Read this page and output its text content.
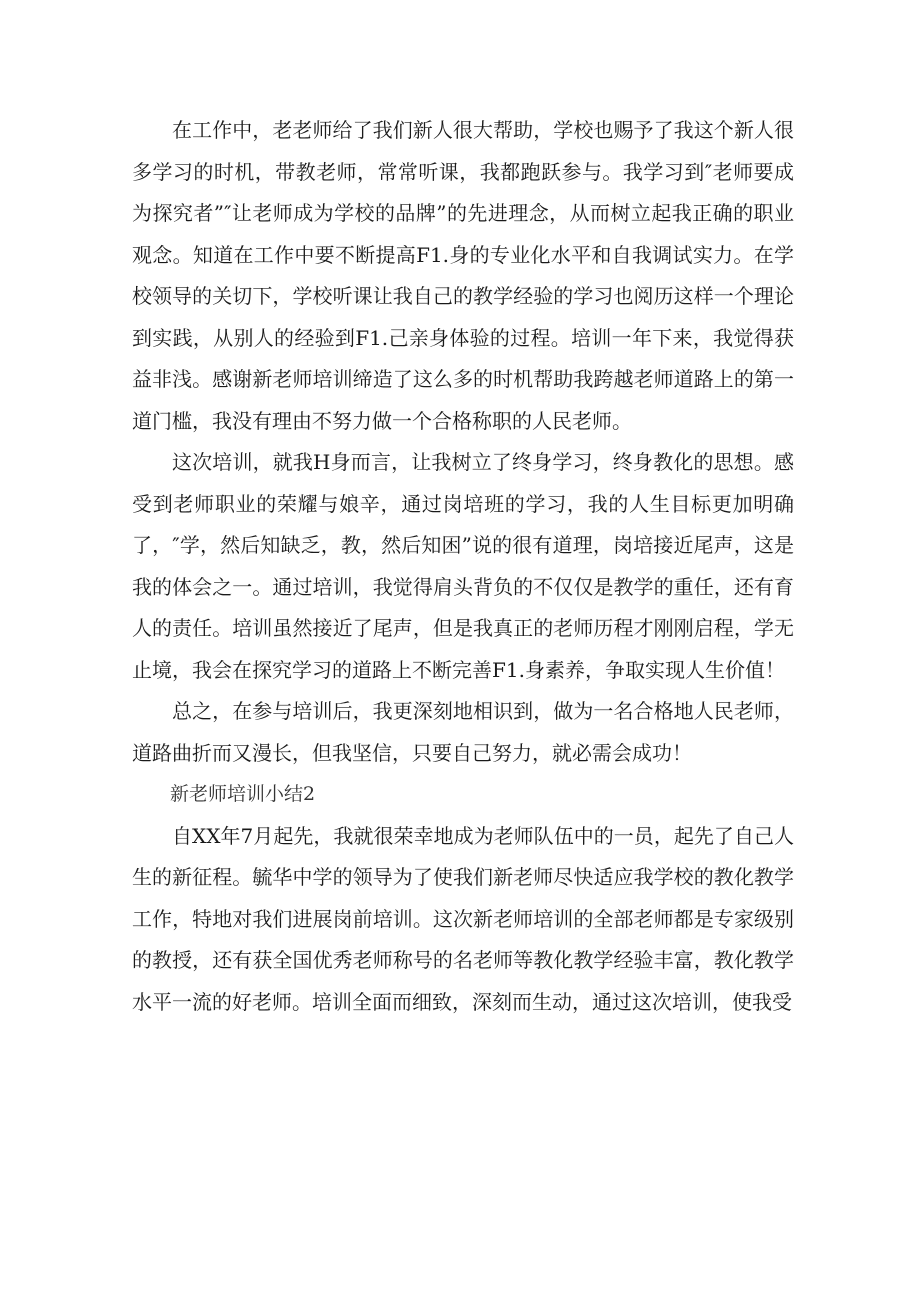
在工作中，老老师给了我们新人很大帮助，学校也赐予了我这个新人很多学习的时机，带教老师，常常听课，我都跑跃参与。我学习到″老师要成为探究者”″让老师成为学校的品牌”的先进理念，从而树立起我正确的职业观念。知道在工作中要不断提高F1.身的专业化水平和自我调试实力。在学校领导的关切下，学校听课让我自己的教学经验的学习也阅历这样一个理论到实践，从别人的经验到F1.己亲身体验的过程。培训一年下来，我觉得获益非浅。感谢新老师培训缔造了这么多的时机帮助我跨越老师道路上的第一道门槛，我没有理由不努力做一个合格称职的人民老师。

这次培训，就我H身而言，让我树立了终身学习，终身教化的思想。感受到老师职业的荣耀与娘辛，通过岗培班的学习，我的人生目标更加明确了，″学，然后知缺乏，教，然后知困”说的很有道理，岗培接近尾声，这是我的体会之一。通过培训，我觉得肩头背负的不仅仅是教学的重任，还有育人的责任。培训虽然接近了尾声，但是我真正的老师历程才刚刚启程，学无止境，我会在探究学习的道路上不断完善F1.身素养，争取实现人生价值！

总之，在参与培训后，我更深刻地相识到，做为一名合格地人民老师，道路曲折而又漫长，但我坚信，只要自己努力，就必需会成功！

新老师培训小结2

自XX年7月起先，我就很荣幸地成为老师队伍中的一员，起先了自己人生的新征程。毓华中学的领导为了使我们新老师尽快适应我学校的教化教学工作，特地对我们进展岗前培训。这次新老师培训的全部老师都是专家级别的教授，还有获全国优秀老师称号的名老师等教化教学经验丰富，教化教学水平一流的好老师。培训全面而细致，深刻而生动，通过这次培训，使我受
